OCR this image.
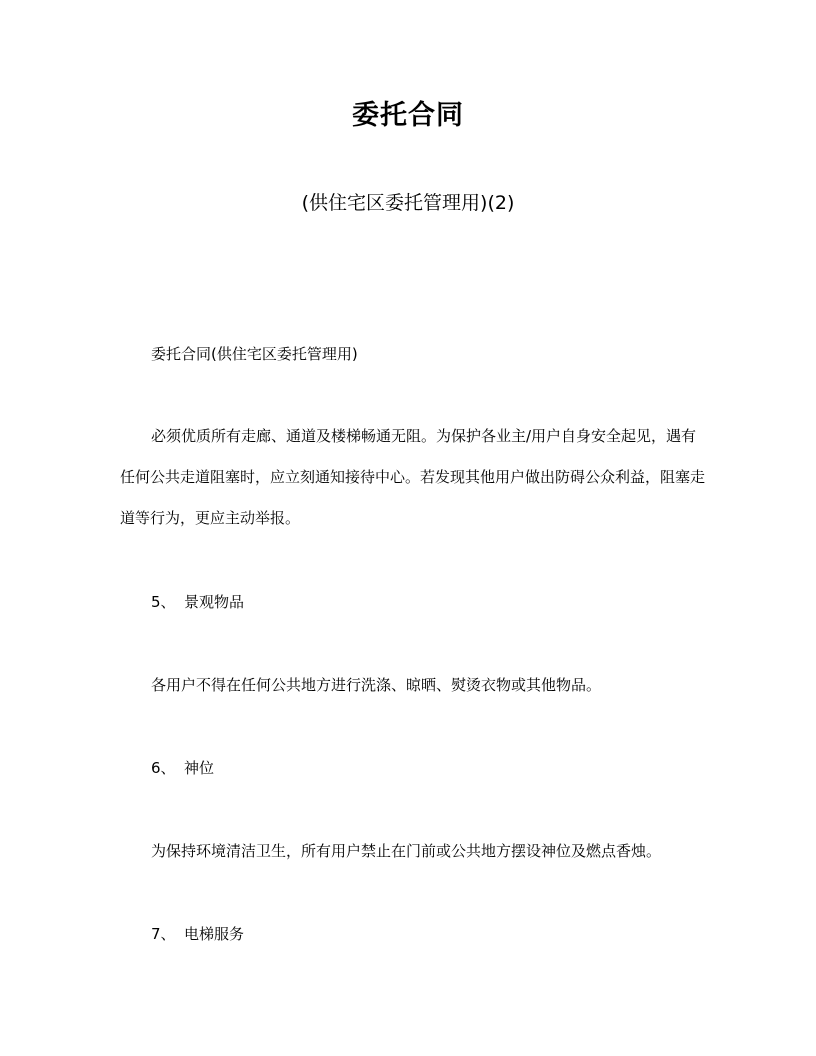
委托合同
(供住宅区委托管理用)(2)

委托合同(供住宅区委托管理用)

必须优质所有走廊、通道及楼梯畅通无阻。为保护各业主/用户自身安全起见，遇有任何公共走道阻塞时，应立刻通知接待中心。若发现其他用户做出防碍公众利益，阻塞走道等行为，更应主动举报。

5、 景观物品

各用户不得在任何公共地方进行洗涤、晾晒、熨烫衣物或其他物品。

6、 神位

为保持环境清洁卫生，所有用户禁止在门前或公共地方摆设神位及燃点香烛。

7、 电梯服务
